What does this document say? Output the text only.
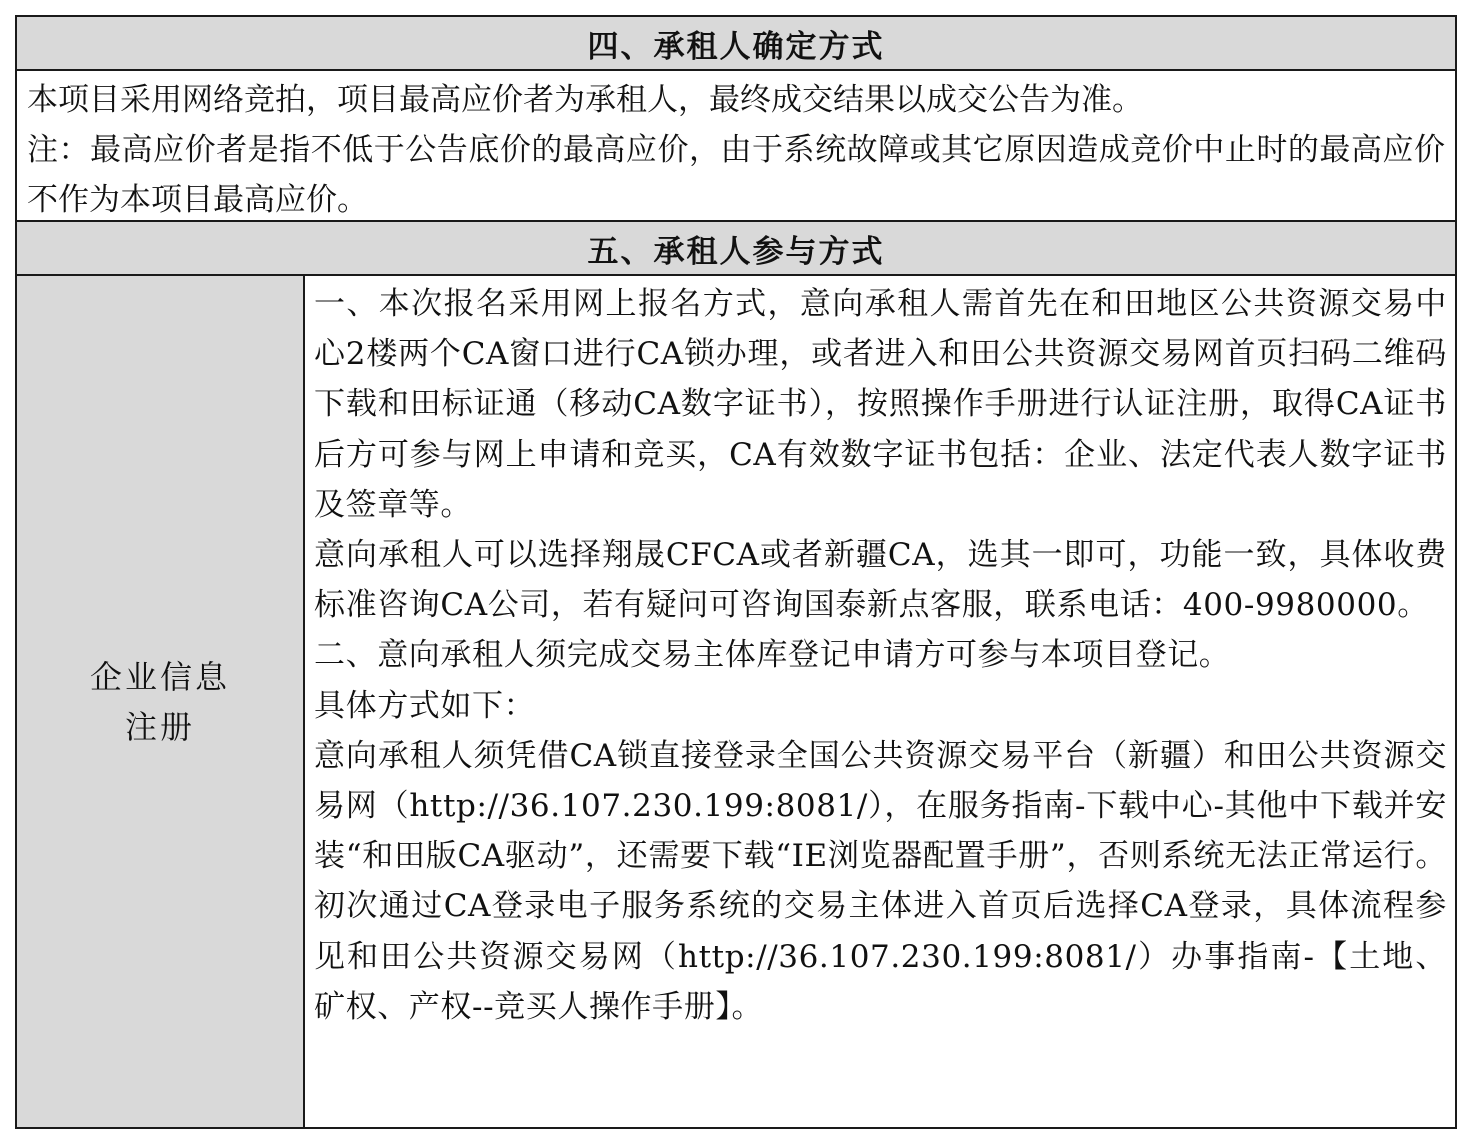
四、承租人确定方式

本项目采用网络竞拍，项目最高应价者为承租人，最终成交结果以成交公告为准。

注：最高应价者是指不低于公告底价的最高应价，由于系统故障或其它原因造成竞价中止时的最高应价不作为本项目最高应价。

五、承租人参与方式
企业信息注册

一、本次报名采用网上报名方式，意向承租人需首先在和田地区公共资源交易中心2楼两个CA窗口进行CA锁办理，或者进入和田公共资源交易网首页扫码二维码下载和田标证通（移动CA数字证书），按照操作手册进行认证注册，取得CA证书后方可参与网上申请和竞买，CA有效数字证书包括：企业、法定代表人数字证书及签章等。

意向承租人可以选择翔晟CFCA或者新疆CA，选其一即可，功能一致，具体收费标准咨询CA公司，若有疑问可咨询国泰新点客服，联系电话：400-9980000。

二、意向承租人须完成交易主体库登记申请方可参与本项目登记。

具体方式如下：

意向承租人须凭借CA锁直接登录全国公共资源交易平台（新疆）和田公共资源交易网（http://36.107.230.199:8081/），在服务指南-下载中心-其他中下载并安装“和田版CA驱动”，还需要下载“IE浏览器配置手册”，否则系统无法正常运行。初次通过CA登录电子服务系统的交易主体进入首页后选择CA登录，具体流程参见和田公共资源交易网（http://36.107.230.199:8081/）办事指南-【土地、矿权、产权--竞买人操作手册】。
